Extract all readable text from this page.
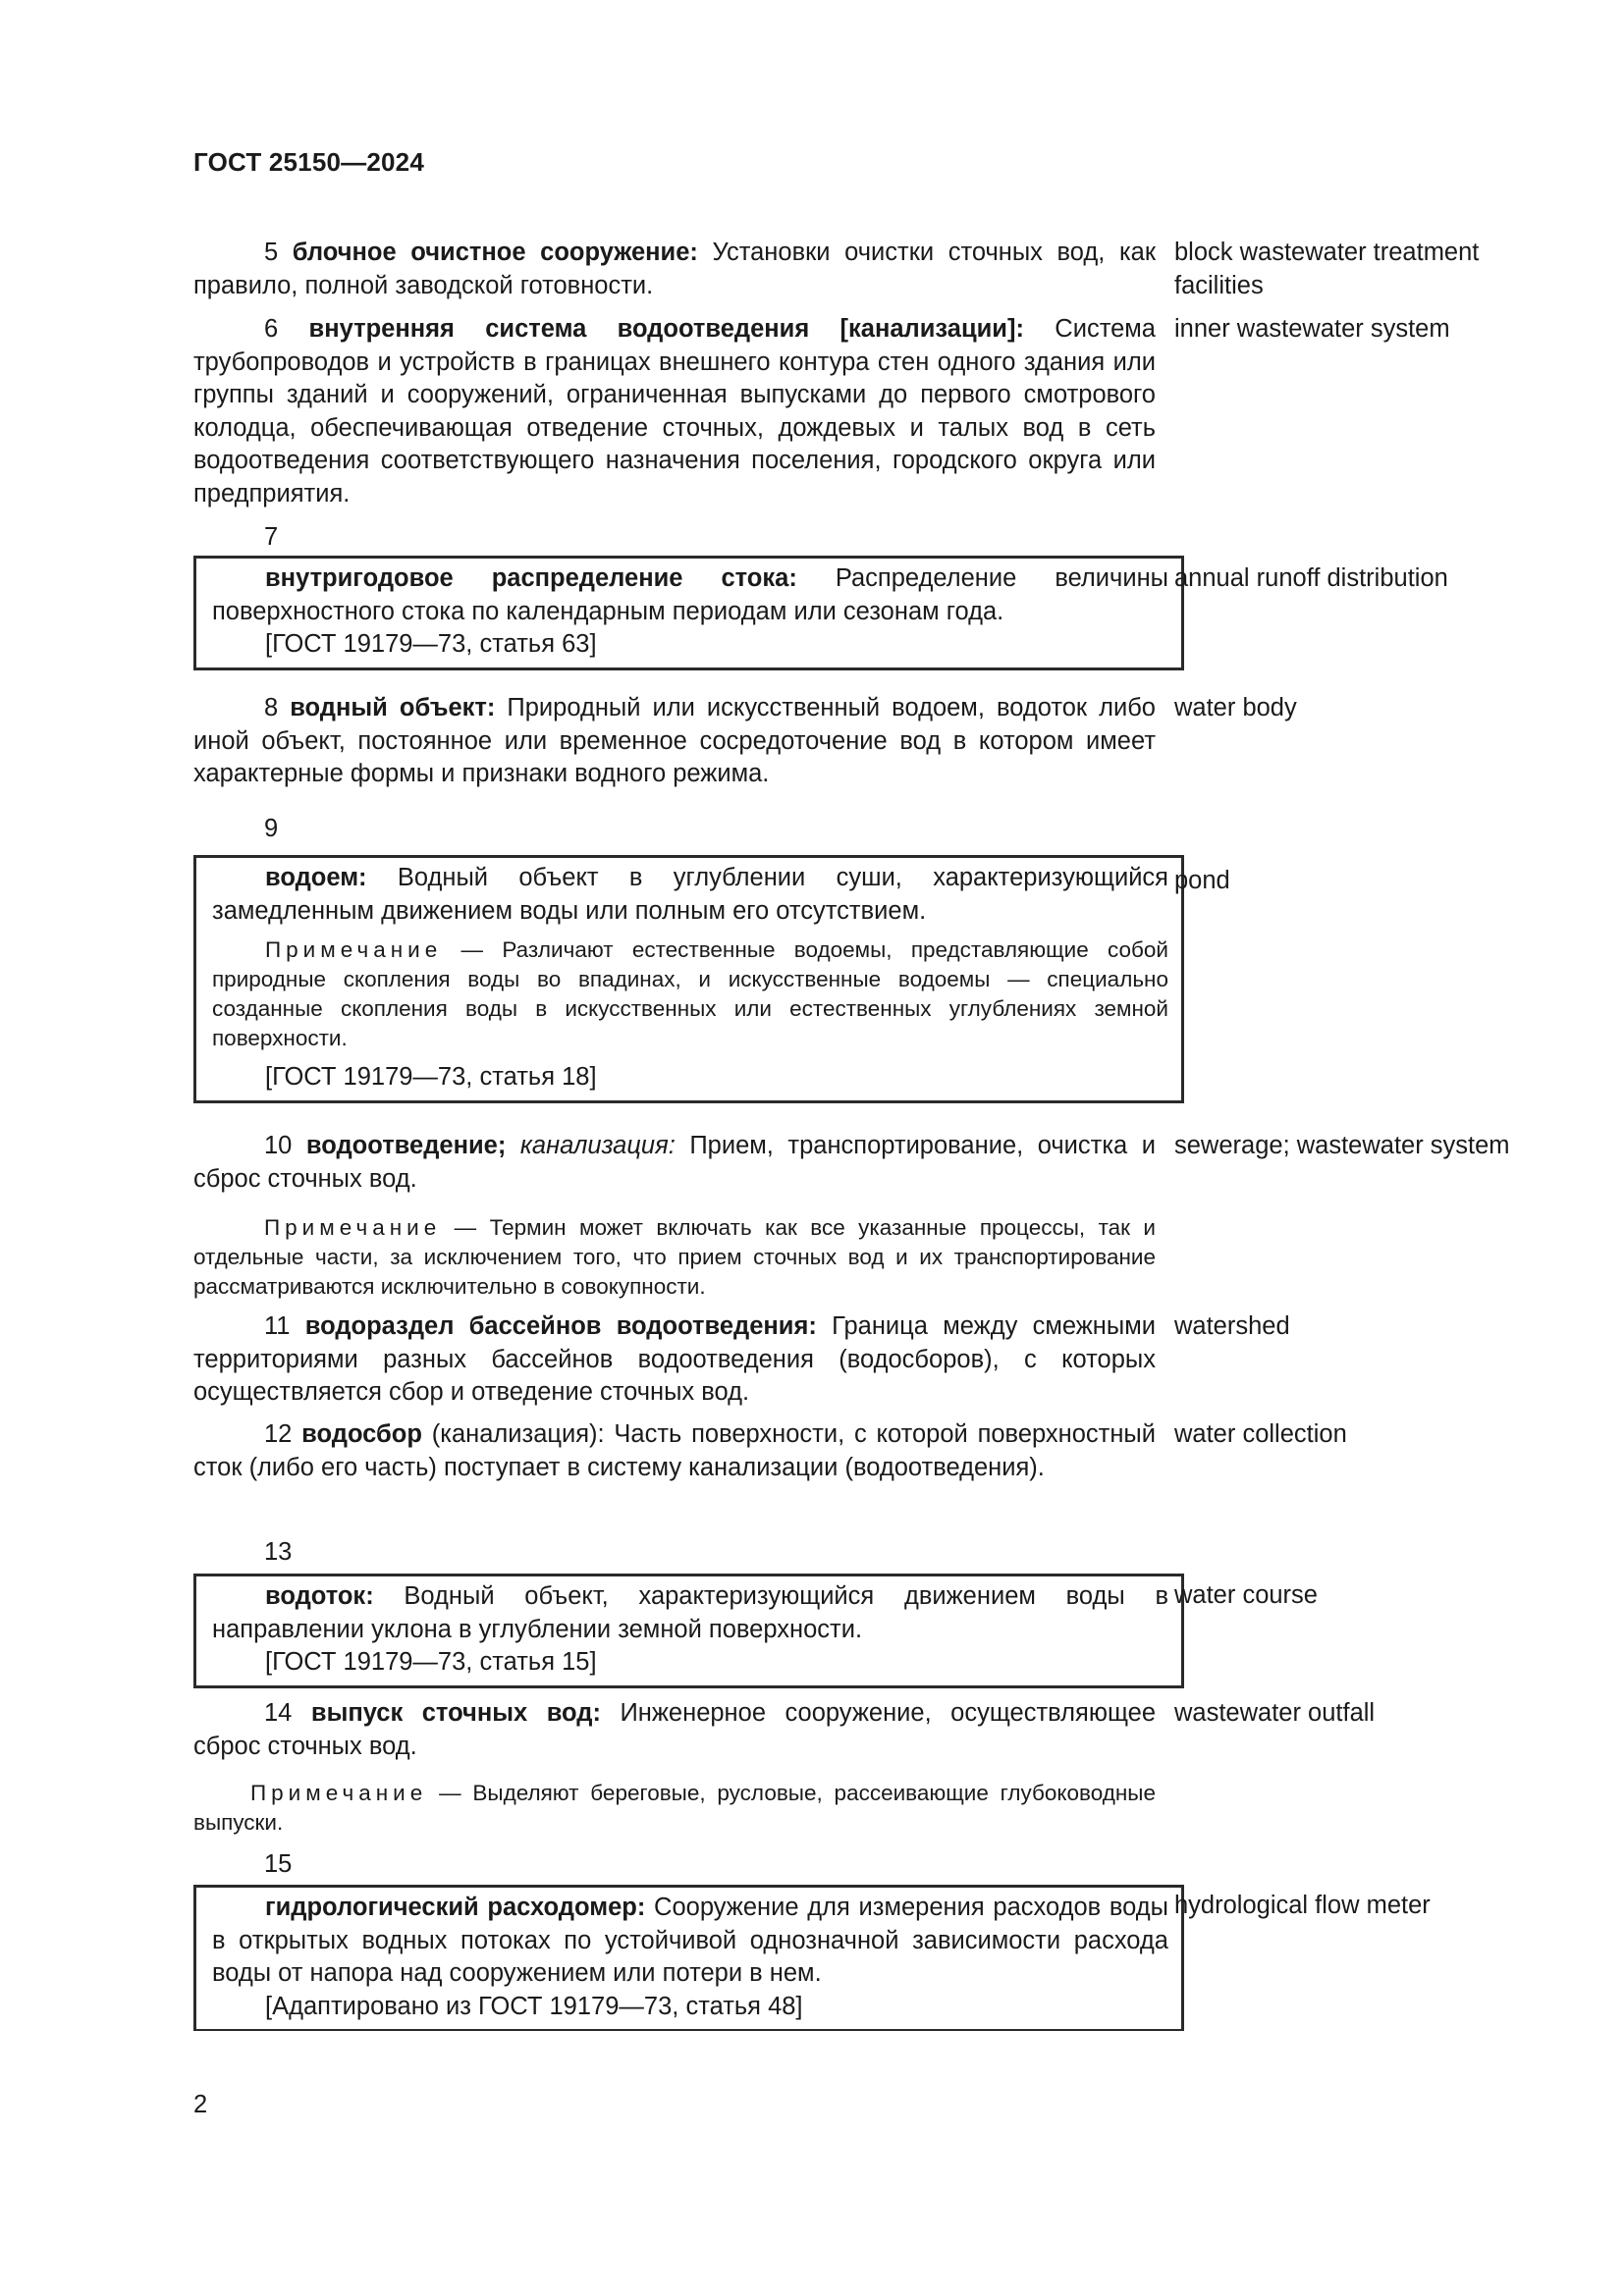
ГОСТ 25150—2024

5 блочное очистное сооружение: Установки очистки сточных вод, как правило, полной заводской готовности.

block wastewater treatment facilities

6 внутренняя система водоотведения [канализации]: Система трубопроводов и устройств в границах внешнего контура стен одного здания или группы зданий и сооружений, ограниченная выпусками до первого смотрового колодца, обеспечивающая отведение сточных, дождевых и талых вод в сеть водоотведения соответствующего назначения поселения, городского округа или предприятия.

inner wastewater system
7

внутригодовое распределение стока: Распределение величины поверхностного стока по календарным периодам или сезонам года.

[ГОСТ 19179—73, статья 63]

annual runoff distribution

8 водный объект: Природный или искусственный водоем, водоток либо иной объект, постоянное или временное сосредоточение вод в котором имеет характерные формы и признаки водного режима.

water body
9

водоем: Водный объект в углублении суши, характеризующийся замедленным движением воды или полным его отсутствием.

Примечание — Различают естественные водоемы, представляющие собой природные скопления воды во впадинах, и искусственные водоемы — специально созданные скопления воды в искусственных или естественных углублениях земной поверхности.

[ГОСТ 19179—73, статья 18]

pond

10 водоотведение; канализация: Прием, транспортирование, очистка и сброс сточных вод.

sewerage; wastewater system

Примечание — Термин может включать как все указанные процессы, так и отдельные части, за исключением того, что прием сточных вод и их транспортирование рассматриваются исключительно в совокупности.

11 водораздел бассейнов водоотведения: Граница между смежными территориями разных бассейнов водоотведения (водосборов), с которых осуществляется сбор и отведение сточных вод.

watershed

12 водосбор (канализация): Часть поверхности, с которой поверхностный сток (либо его часть) поступает в систему канализации (водоотведения).

water collection
13

водоток: Водный объект, характеризующийся движением воды в направлении уклона в углублении земной поверхности.

[ГОСТ 19179—73, статья 15]

water course

14 выпуск сточных вод: Инженерное сооружение, осуществляющее сброс сточных вод.

wastewater outfall

Примечание — Выделяют береговые, русловые, рассеивающие глубоководные выпуски.

15

гидрологический расходомер: Сооружение для измерения расходов воды в открытых водных потоках по устойчивой однозначной зависимости расхода воды от напора над сооружением или потери в нем.

[Адаптировано из ГОСТ 19179—73, статья 48]

hydrological flow meter
2
